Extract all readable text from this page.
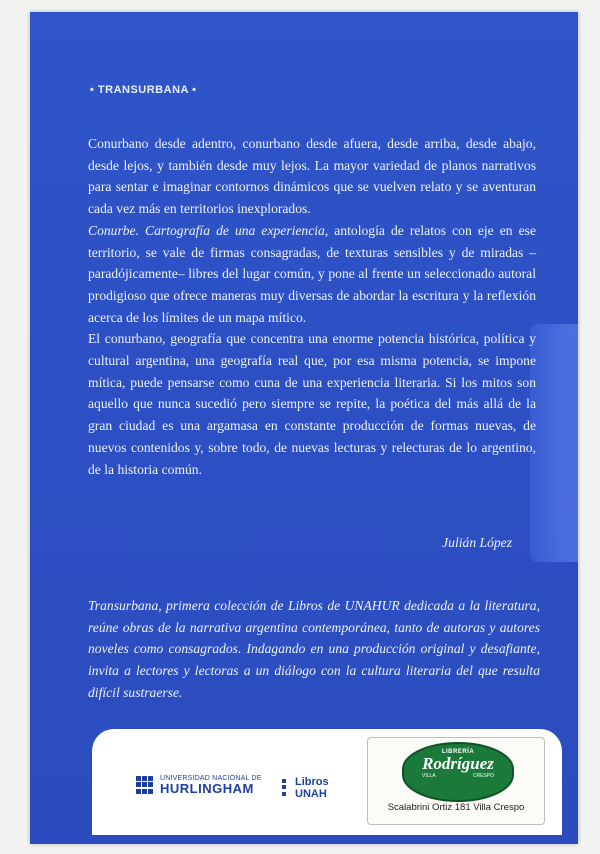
• TRANSURBANA •

Conurbano desde adentro, conurbano desde afuera, desde arriba, desde abajo, desde lejos, y también desde muy lejos. La mayor variedad de planos narrativos para sentar e imaginar contornos dinámicos que se vuelven relato y se aventuran cada vez más en territorios inexplorados.

Conurbe. Cartografía de una experiencia, antología de relatos con eje en ese territorio, se vale de firmas consagradas, de texturas sensibles y de miradas –paradójicamente– libres del lugar común, y pone al frente un seleccionado autoral prodigioso que ofrece maneras muy diversas de abordar la escritura y la reflexión acerca de los límites de un mapa mítico.

El conurbano, geografía que concentra una enorme potencia histórica, política y cultural argentina, una geografía real que, por esa misma potencia, se impone mítica, puede pensarse como cuna de una experiencia literaria. Si los mitos son aquello que nunca sucedió pero siempre se repite, la poética del más allá de la gran ciudad es una argamasa en constante producción de formas nuevas, de nuevos contenidos y, sobre todo, de nuevas lecturas y relecturas de lo argentino, de la historia común.

Julián López
Transurbana, primera colección de Libros de UNAHUR dedicada a la literatura, reúne obras de la narrativa argentina contemporánea, tanto de autoras y autores noveles como consagrados. Indagando en una producción original y desafiante, invita a lectores y lectoras a un diálogo con la cultura literaria del que resulta difícil sustraerse.
UNIVERSIDAD NACIONAL DE
HURLINGHAM	Libros
UNAH
LIBRERÍA
Rodríguez
VILLA	CRESPO
Scalabrini Ortiz 181 Villa Crespo
